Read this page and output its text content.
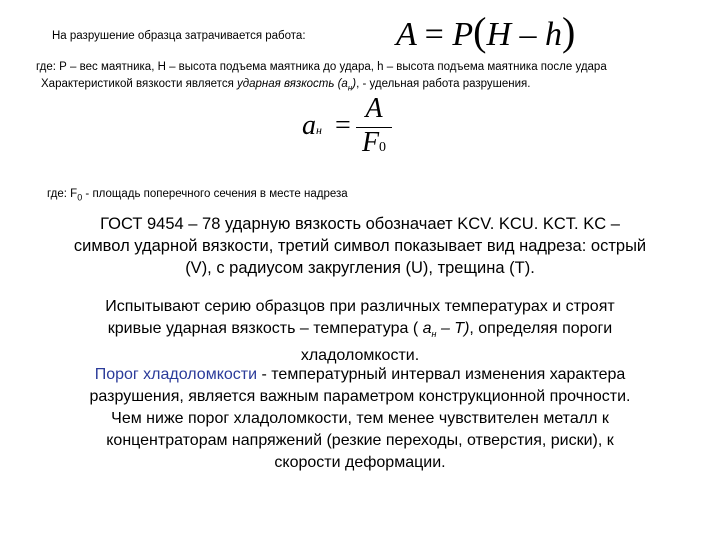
На разрушение образца затрачивается работа:	A = P(H – h)
где: Р – вес маятника, Н – высота подъема маятника до удара, h – высота подъема маятника после удара
Характеристикой вязкости является ударная вязкость $(а_н)$, - удельная работа разрушения.
aн =
A
F0
где: $F_0$ - площадь поперечного сечения в месте надреза
ГОСТ 9454 – 78 ударную вязкость обозначает KCV. KCU. KCT. KC –
символ ударной вязкости, третий символ показывает вид надреза: острый
(V), с радиусом закругления (U), трещина (Т).
Испытывают серию образцов при различных температурах и строят
кривые ударная вязкость – температура ( $а_н - Т$), определяя пороги
хладоломкости.
Порог хладоломкости - температурный интервал изменения характера
разрушения, является важным параметром конструкционной прочности.
Чем ниже порог хладоломкости, тем менее чувствителен металл к
концентраторам напряжений (резкие переходы, отверстия, риски), к
скорости деформации.
